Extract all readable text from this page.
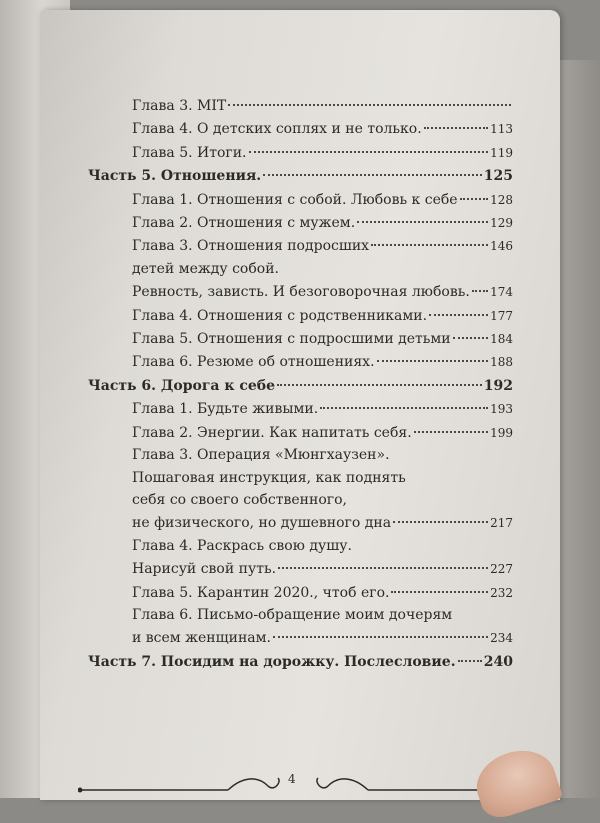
Глава 3. MIT
Глава 4. О детских соплях и не только.	113
Глава 5. Итоги.	119
Часть 5. Отношения.	125
Глава 1. Отношения с собой. Любовь к себе	128
Глава 2. Отношения с мужем.	129
Глава 3. Отношения подросших	146
детей между собой.
Ревность, зависть. И безоговорочная любовь. 174
Глава 4. Отношения с родственниками.	177
Глава 5. Отношения с подросшими детьми	184
Глава 6. Резюме об отношениях.	188
Часть 6. Дорога к себе	192
Глава 1. Будьте живыми.	193
Глава 2. Энергии. Как напитать себя.	199
Глава 3. Операция «Мюнгхаузен».
Пошаговая инструкция, как поднять
себя со своего собственного,
не физического, но душевного дна	217
Глава 4. Раскрась свою душу.
Нарисуй свой путь.	227
Глава 5. Карантин 2020., чтоб его.	232
Глава 6. Письмо-обращение моим дочерям
и всем женщинам.	234
Часть 7. Посидим на дорожку. Послесловие. 240
4
